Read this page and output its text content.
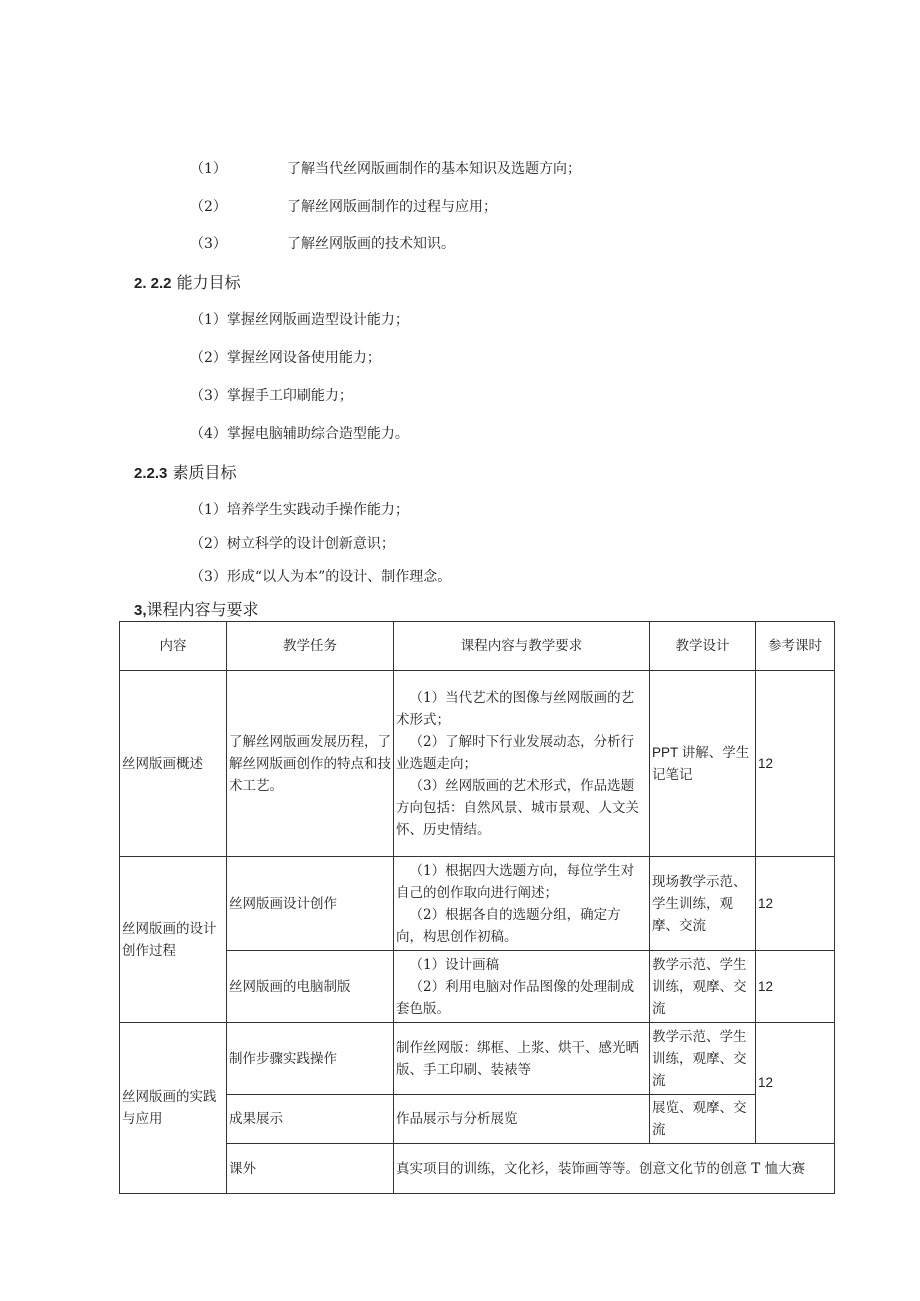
（1）	了解当代丝网版画制作的基本知识及选题方向；
（2）	了解丝网版画制作的过程与应用；
（3）	了解丝网版画的技术知识。
2. 2.2 能力目标
（1）掌握丝网版画造型设计能力；
（2）掌握丝网设备使用能力；
（3）掌握手工印刷能力；
（4）掌握电脑辅助综合造型能力。
2.2.3 素质目标
（1）培养学生实践动手操作能力；
（2）树立科学的设计创新意识；
（3）形成“以人为本”的设计、制作理念。
3,课程内容与要求
内容	教学任务	课程内容与教学要求	教学设计	参考课时
丝网版画概述	了解丝网版画发展历程，了解丝网版画创作的特点和技术工艺。	（1）当代艺术的图像与丝网版画的艺术形式；
（2）了解时下行业发展动态，分析行业选题走向；
（3）丝网版画的艺术形式，作品选题方向包括：自然风景、城市景观、人文关怀、历史情结。	PPT 讲解、学生记笔记	12
丝网版画的设计创作过程	丝网版画设计创作	（1）根据四大选题方向，每位学生对自己的创作取向进行阐述；
（2）根据各自的选题分组，确定方向，构思创作初稿。	现场教学示范、学生训练，观摩、交流	12
	丝网版画的电脑制版	（1）设计画稿
（2）利用电脑对作品图像的处理制成套色版。	教学示范、学生训练，观摩、交流	12
丝网版画的实践与应用	制作步骤实践操作	制作丝网版：绑框、上浆、烘干、感光晒版、手工印刷、装裱等	教学示范、学生训练，观摩、交流	12
	成果展示	作品展示与分析展览	展览、观摩、交流	
	课外	真实项目的训练，文化衫，装饰画等等。创意文化节的创意 T 恤大赛		
